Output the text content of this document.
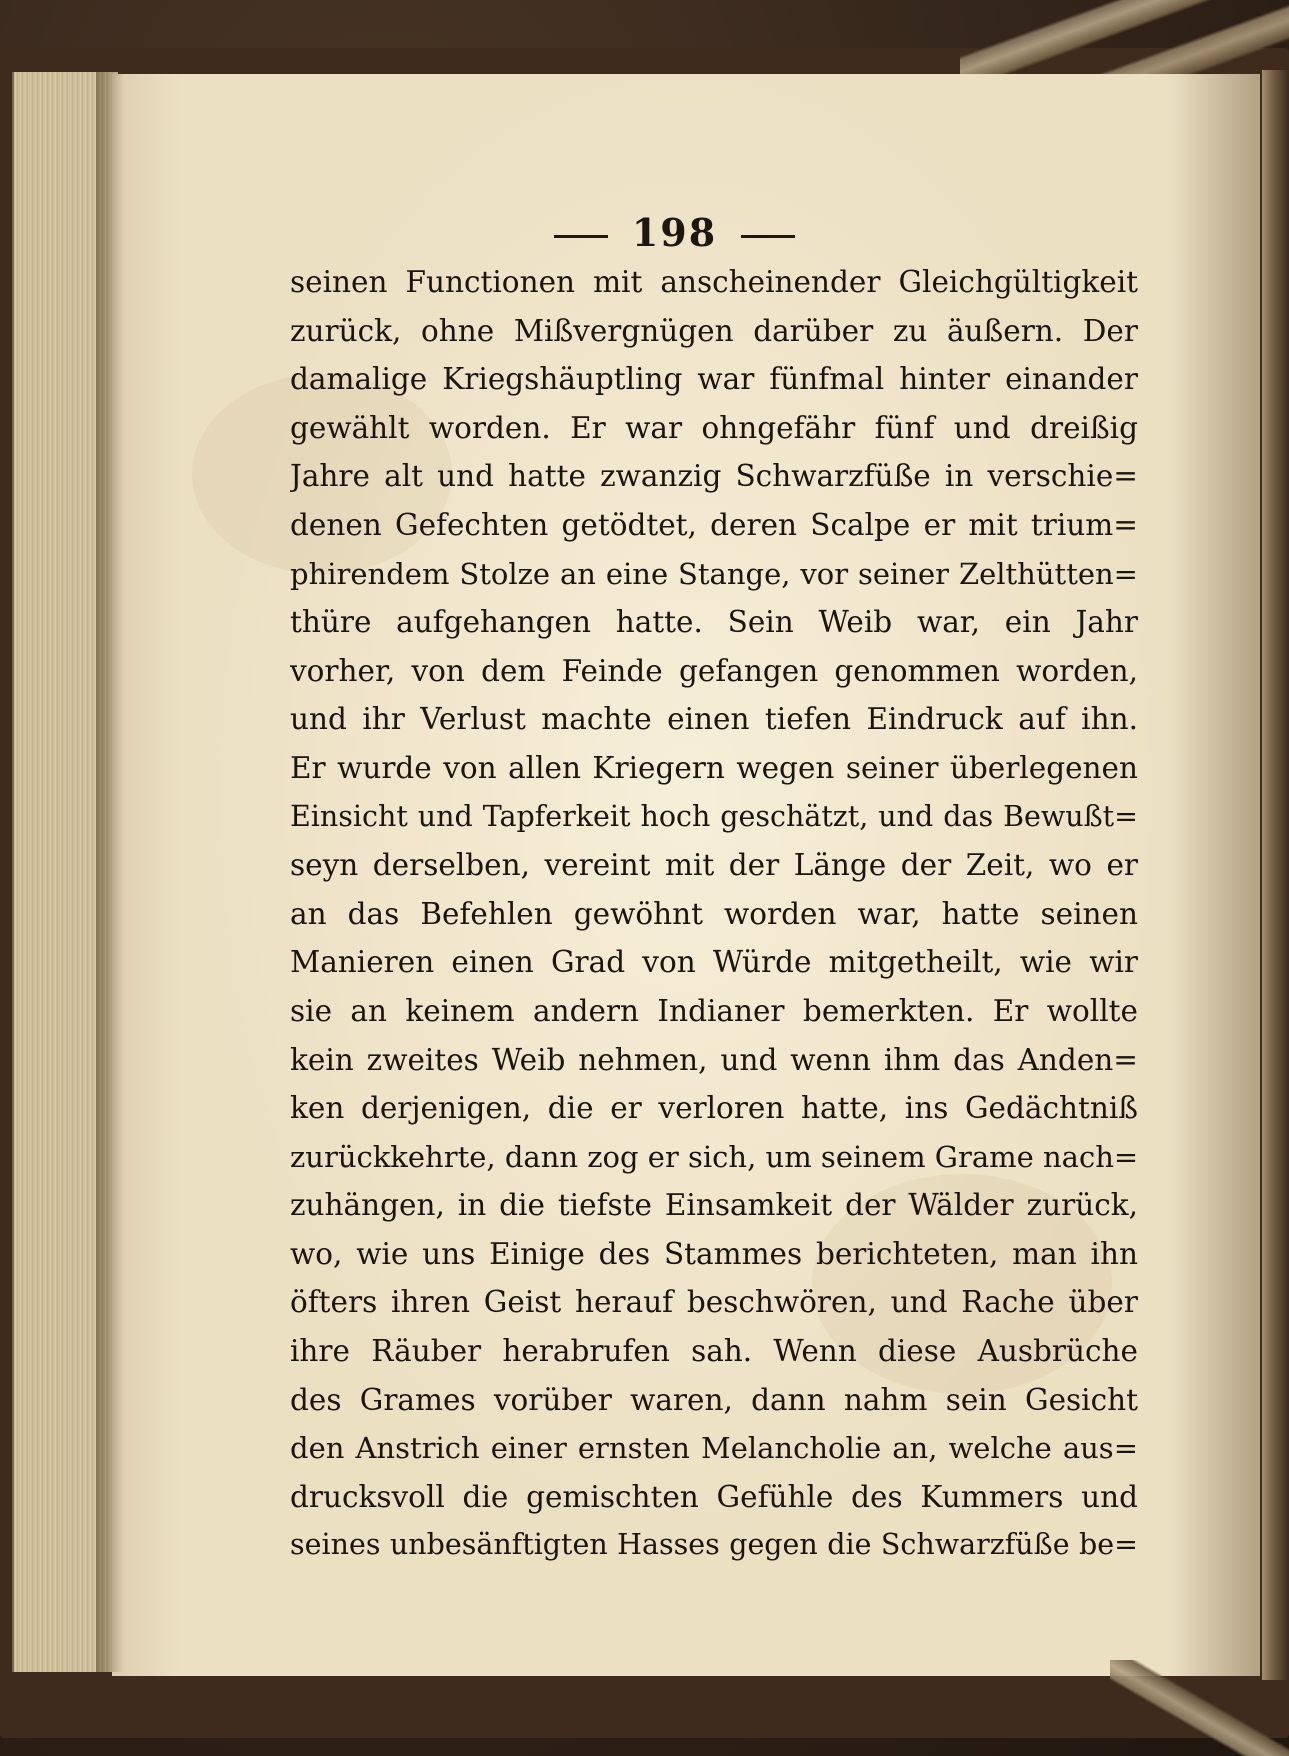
198
seinen Functionen mit anscheinender Gleichgültigkeit
zurück, ohne Mißvergnügen darüber zu äußern. Der
damalige Kriegshäuptling war fünfmal hinter einander
gewählt worden. Er war ohngefähr fünf und dreißig
Jahre alt und hatte zwanzig Schwarzfüße in verschie=
denen Gefechten getödtet, deren Scalpe er mit trium=
phirendem Stolze an eine Stange, vor seiner Zelthütten=
thüre aufgehangen hatte. Sein Weib war, ein Jahr
vorher, von dem Feinde gefangen genommen worden,
und ihr Verlust machte einen tiefen Eindruck auf ihn.
Er wurde von allen Kriegern wegen seiner überlegenen
Einsicht und Tapferkeit hoch geschätzt, und das Bewußt=
seyn derselben, vereint mit der Länge der Zeit, wo er
an das Befehlen gewöhnt worden war, hatte seinen
Manieren einen Grad von Würde mitgetheilt, wie wir
sie an keinem andern Indianer bemerkten. Er wollte
kein zweites Weib nehmen, und wenn ihm das Anden=
ken derjenigen, die er verloren hatte, ins Gedächtniß
zurückkehrte, dann zog er sich, um seinem Grame nach=
zuhängen, in die tiefste Einsamkeit der Wälder zurück,
wo, wie uns Einige des Stammes berichteten, man ihn
öfters ihren Geist herauf beschwören, und Rache über
ihre Räuber herabrufen sah. Wenn diese Ausbrüche
des Grames vorüber waren, dann nahm sein Gesicht
den Anstrich einer ernsten Melancholie an, welche aus=
drucksvoll die gemischten Gefühle des Kummers und
seines unbesänftigten Hasses gegen die Schwarzfüße be=
